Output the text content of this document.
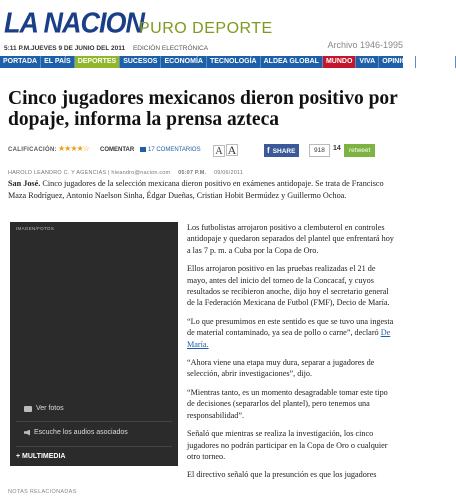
LA NACION
PURO DEPORTE
Archivo 1946-1995
5:11 P.M.JUEVES 9 DE JUNIO DEL 2011 EDICIÓN ELECTRÓNICA
PORTADA	EL PAÍS	DEPORTES	SUCESOS	ECONOMÍA	TECNOLOGÍA	ALDEA GLOBAL	MUNDO	VIVA	OPINIÓN	INVESTIG
Cinco jugadores mexicanos dieron positivo por dopaje, informa la prensa azteca
CALIFICACIÓN: ★★★★☆ COMENTAR	17 COMENTARIOS A A	f SHARE	918	14	retweet
HAROLD LEANDRO C. Y AGENCIAS | hleandro@nacion.com 05:07 P.M. 09/06/2011

San José. Cinco jugadores de la selección mexicana dieron positivo en exámenes antidopaje. Se trata de Francisco Maza Rodríguez, Antonio Naelson Sinha, Édgar Dueñas, Cristian Hobit Bermúdez y Guillermo Ochoa.

IMAGEN/FOTOS
Ver fotos
Escuche los audios asociados
+ MULTIMEDIA
NOTAS RELACIONADAS

Los futbolistas arrojaron positivo a clembuterol en controles antidopaje y quedaron separados del plantel que enfrentará hoy a las 7 p. m. a Cuba por la Copa de Oro.

Ellos arrojaron positivo en las pruebas realizadas el 21 de mayo, antes del inicio del torneo de la Concacaf, y cuyos resultados se recibieron anoche, dijo hoy el secretario general de la Federación Mexicana de Futbol (FMF), Decio de María.

“Lo que presumimos en este sentido es que se tuvo una ingesta de material contaminado, ya sea de pollo o carne”, declaró De María.

“Ahora viene una etapa muy dura, separar a jugadores de selección, abrir investigaciones”, dijo.

“Mientras tanto, es un momento desagradable tomar este tipo de decisiones (separarlos del plantel), pero tenemos una responsabilidad”.

Señaló que mientras se realiza la investigación, los cinco jugadores no podrán participar en la Copa de Oro o cualquier otro torneo.

El directivo señaló que la presunción es que los jugadores
